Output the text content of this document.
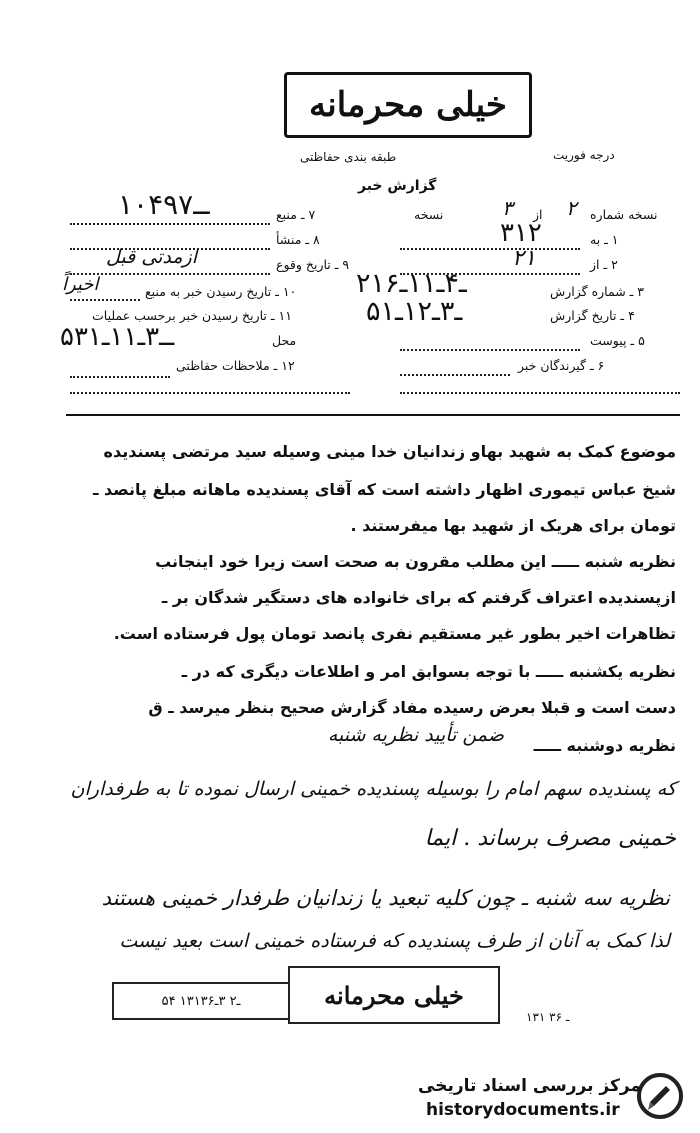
خیلی محرمانه
طبقه بندی حفاظتی	درجه فوریت
گزارش خبر
۷ ـ منبع
۱۰ــ۴۹۷
۸ ـ منشأ
۹ ـ تاریخ وقوع
ازمدتی قبل
۱۰ ـ تاریخ رسیدن خبر به منبع
اخیراً
۱۱ ـ تاریخ رسیدن خبر برحسب عملیات
محل
۵ــ۳ـ۱۱ـ۳۱
۱۲ ـ ملاحظات حفاظتی
نسخه شماره
۲
از
۳
نسخه
۱ ـ به
۳۱۲
۲ ـ از
۲۱
۳ ـ شماره گزارش
۲۱ـ۴ـ۱۱ـ۶
۴ ـ تاریخ گزارش
۵ـ۳ـ۱۲ـ۱
۵ ـ پیوست
۶ ـ گیرندگان خبر
موضوع کمک به شهید بهاو زندانیان خدا مینی وسیله سید مرتضی پسندیده
شیخ عباس تیموری اظهار داشته است که آقای پسندیده ماهانه مبلغ پانصد ـ
تومان برای هریک از شهید بها میفرستند .
نظریه شنبه ـــــ این مطلب مقرون به صحت است زیرا خود اینجانب
ازپسندیده اعتراف گرفتم که برای خانواده های دستگیر شدگان بر ـ
تظاهرات اخیر بطور غیر مستقیم نفری پانصد تومان پول فرستاده است.
نظریه یکشنبه ـــــ با توجه بسوابق امر و اطلاعات دیگری که در ـ
دست است و قبلا بعرض رسیده مفاد گزارش صحیح بنظر میرسد ـ ق
نظریه دوشنبه ـــــ
ضمن تأیید نظریه شنبه
که پسندیده سهم امام را بوسیله پسندیده خمینی ارسال نموده تا به طرفداران
خمینی مصرف برساند . ایما
نظریه سه شنبه ـ چون کلیه تبعید یا زندانیان طرفدار خمینی هستند
لذا کمک به آنان از طرف پسندیده که فرستاده خمینی است بعید نیست
خیلی محرمانه
۵۴ ۱۳ـ۲ ۳ـ۱۳۶
۱۳۱ ـ ۳۶
مرکز بررسی اسناد تاریخی
historydocuments.ir
